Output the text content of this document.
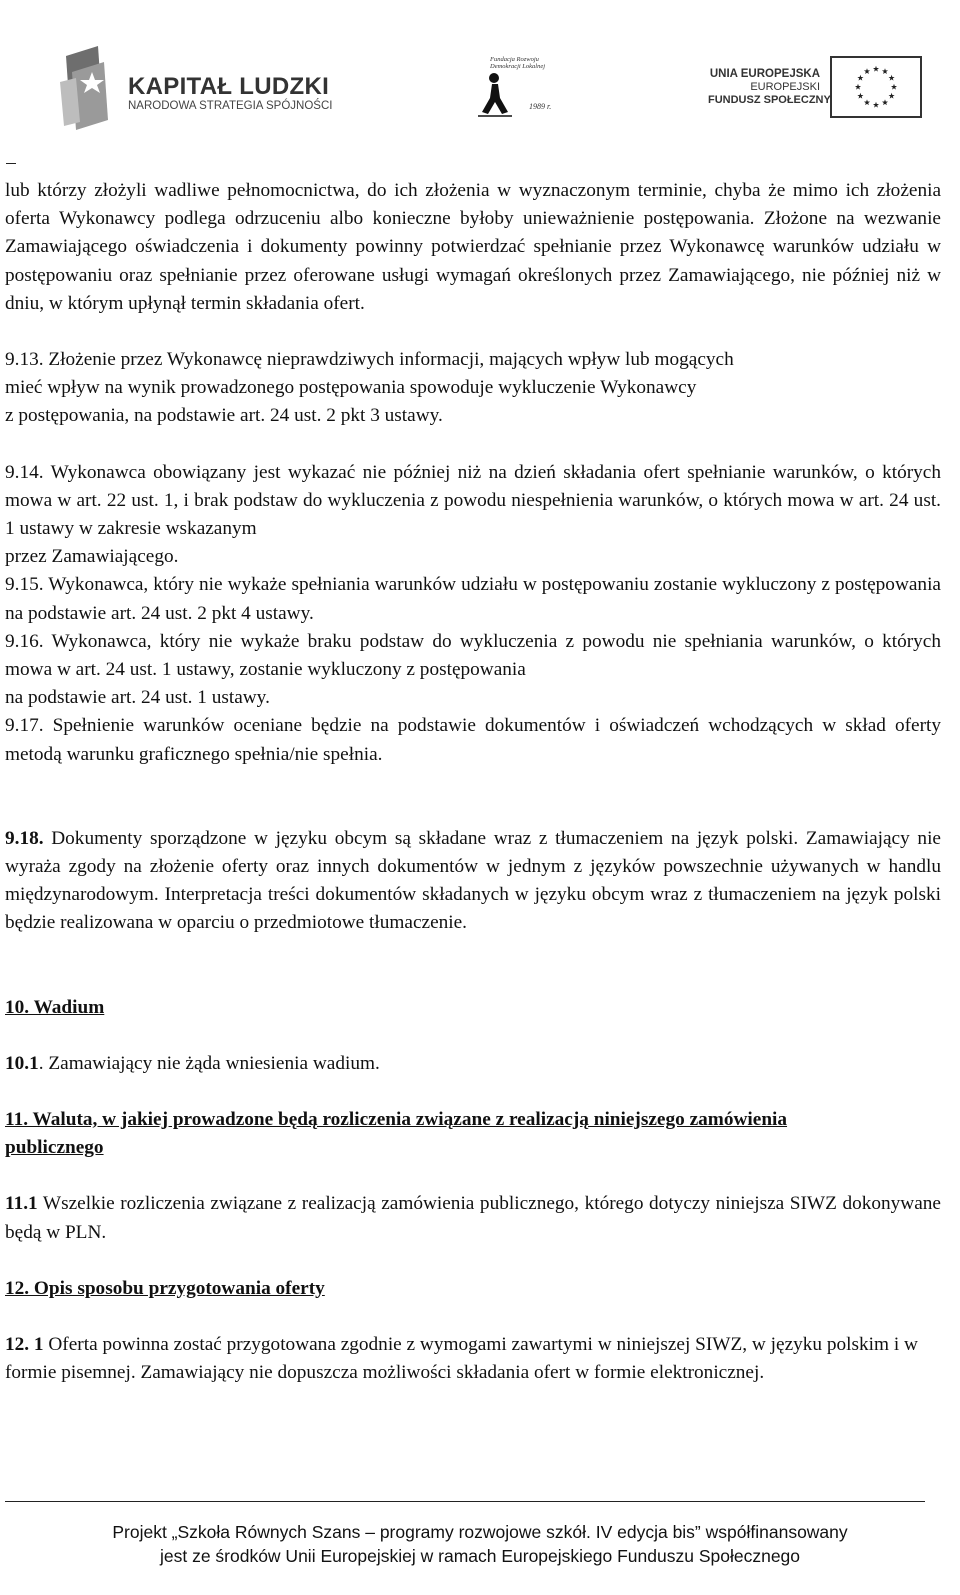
KAPITAŁ LUDZKI
NARODOWA STRATEGIA SPÓJNOŚCI
Fundacja Rozwoju Demokracji Lokalnej
1989 r.
UNIA EUROPEJSKA
EUROPEJSKI
FUNDUSZ SPOŁECZNY

lub którzy złożyli wadliwe pełnomocnictwa, do ich złożenia w wyznaczonym terminie, chyba że mimo ich złożenia oferta Wykonawcy podlega odrzuceniu albo konieczne byłoby unieważnienie postępowania. Złożone na wezwanie Zamawiającego oświadczenia i dokumenty powinny potwierdzać spełnianie przez Wykonawcę warunków udziału w postępowaniu oraz spełnianie przez oferowane usługi wymagań określonych przez Zamawiającego, nie później niż w dniu, w którym upłynął termin składania ofert.

9.13. Złożenie przez Wykonawcę nieprawdziwych informacji, mających wpływ lub mogących
mieć wpływ na wynik prowadzonego postępowania spowoduje wykluczenie Wykonawcy
z postępowania, na podstawie art. 24 ust. 2 pkt 3 ustawy.

9.14. Wykonawca obowiązany jest wykazać nie później niż na dzień składania ofert spełnianie warunków, o których mowa w art. 22 ust. 1, i brak podstaw do wykluczenia z powodu niespełnienia warunków, o których mowa w art. 24 ust. 1 ustawy w zakresie wskazanym

przez Zamawiającego.

9.15. Wykonawca, który nie wykaże spełniania warunków udziału w postępowaniu zostanie wykluczony z postępowania na podstawie art. 24 ust. 2 pkt 4 ustawy.

9.16. Wykonawca, który nie wykaże braku podstaw do wykluczenia z powodu nie spełniania warunków, o których mowa w art. 24 ust. 1 ustawy, zostanie wykluczony z postępowania

na podstawie art. 24 ust. 1 ustawy.

9.17. Spełnienie warunków oceniane będzie na podstawie dokumentów i oświadczeń wchodzących w skład oferty metodą warunku graficznego spełnia/nie spełnia.

9.18. Dokumenty sporządzone w języku obcym są składane wraz z tłumaczeniem na język polski. Zamawiający nie wyraża zgody na złożenie oferty oraz innych dokumentów w jednym z języków powszechnie używanych w handlu międzynarodowym. Interpretacja treści dokumentów składanych w języku obcym wraz z tłumaczeniem na język polski będzie realizowana w oparciu o przedmiotowe tłumaczenie.

10. Wadium

10.1. Zamawiający nie żąda wniesienia wadium.

11. Waluta, w jakiej prowadzone będą rozliczenia związane z realizacją niniejszego zamówienia publicznego

11.1 Wszelkie rozliczenia związane z realizacją zamówienia publicznego, którego dotyczy niniejsza SIWZ dokonywane będą w PLN.

12. Opis sposobu przygotowania oferty

12. 1 Oferta powinna zostać przygotowana zgodnie z wymogami zawartymi w niniejszej SIWZ, w języku polskim i w formie pisemnej. Zamawiający nie dopuszcza możliwości składania ofert w formie elektronicznej.

Projekt „Szkoła Równych Szans – programy rozwojowe szkół. IV edycja bis” współfinansowany
jest ze środków Unii Europejskiej w ramach Europejskiego Funduszu Społecznego
